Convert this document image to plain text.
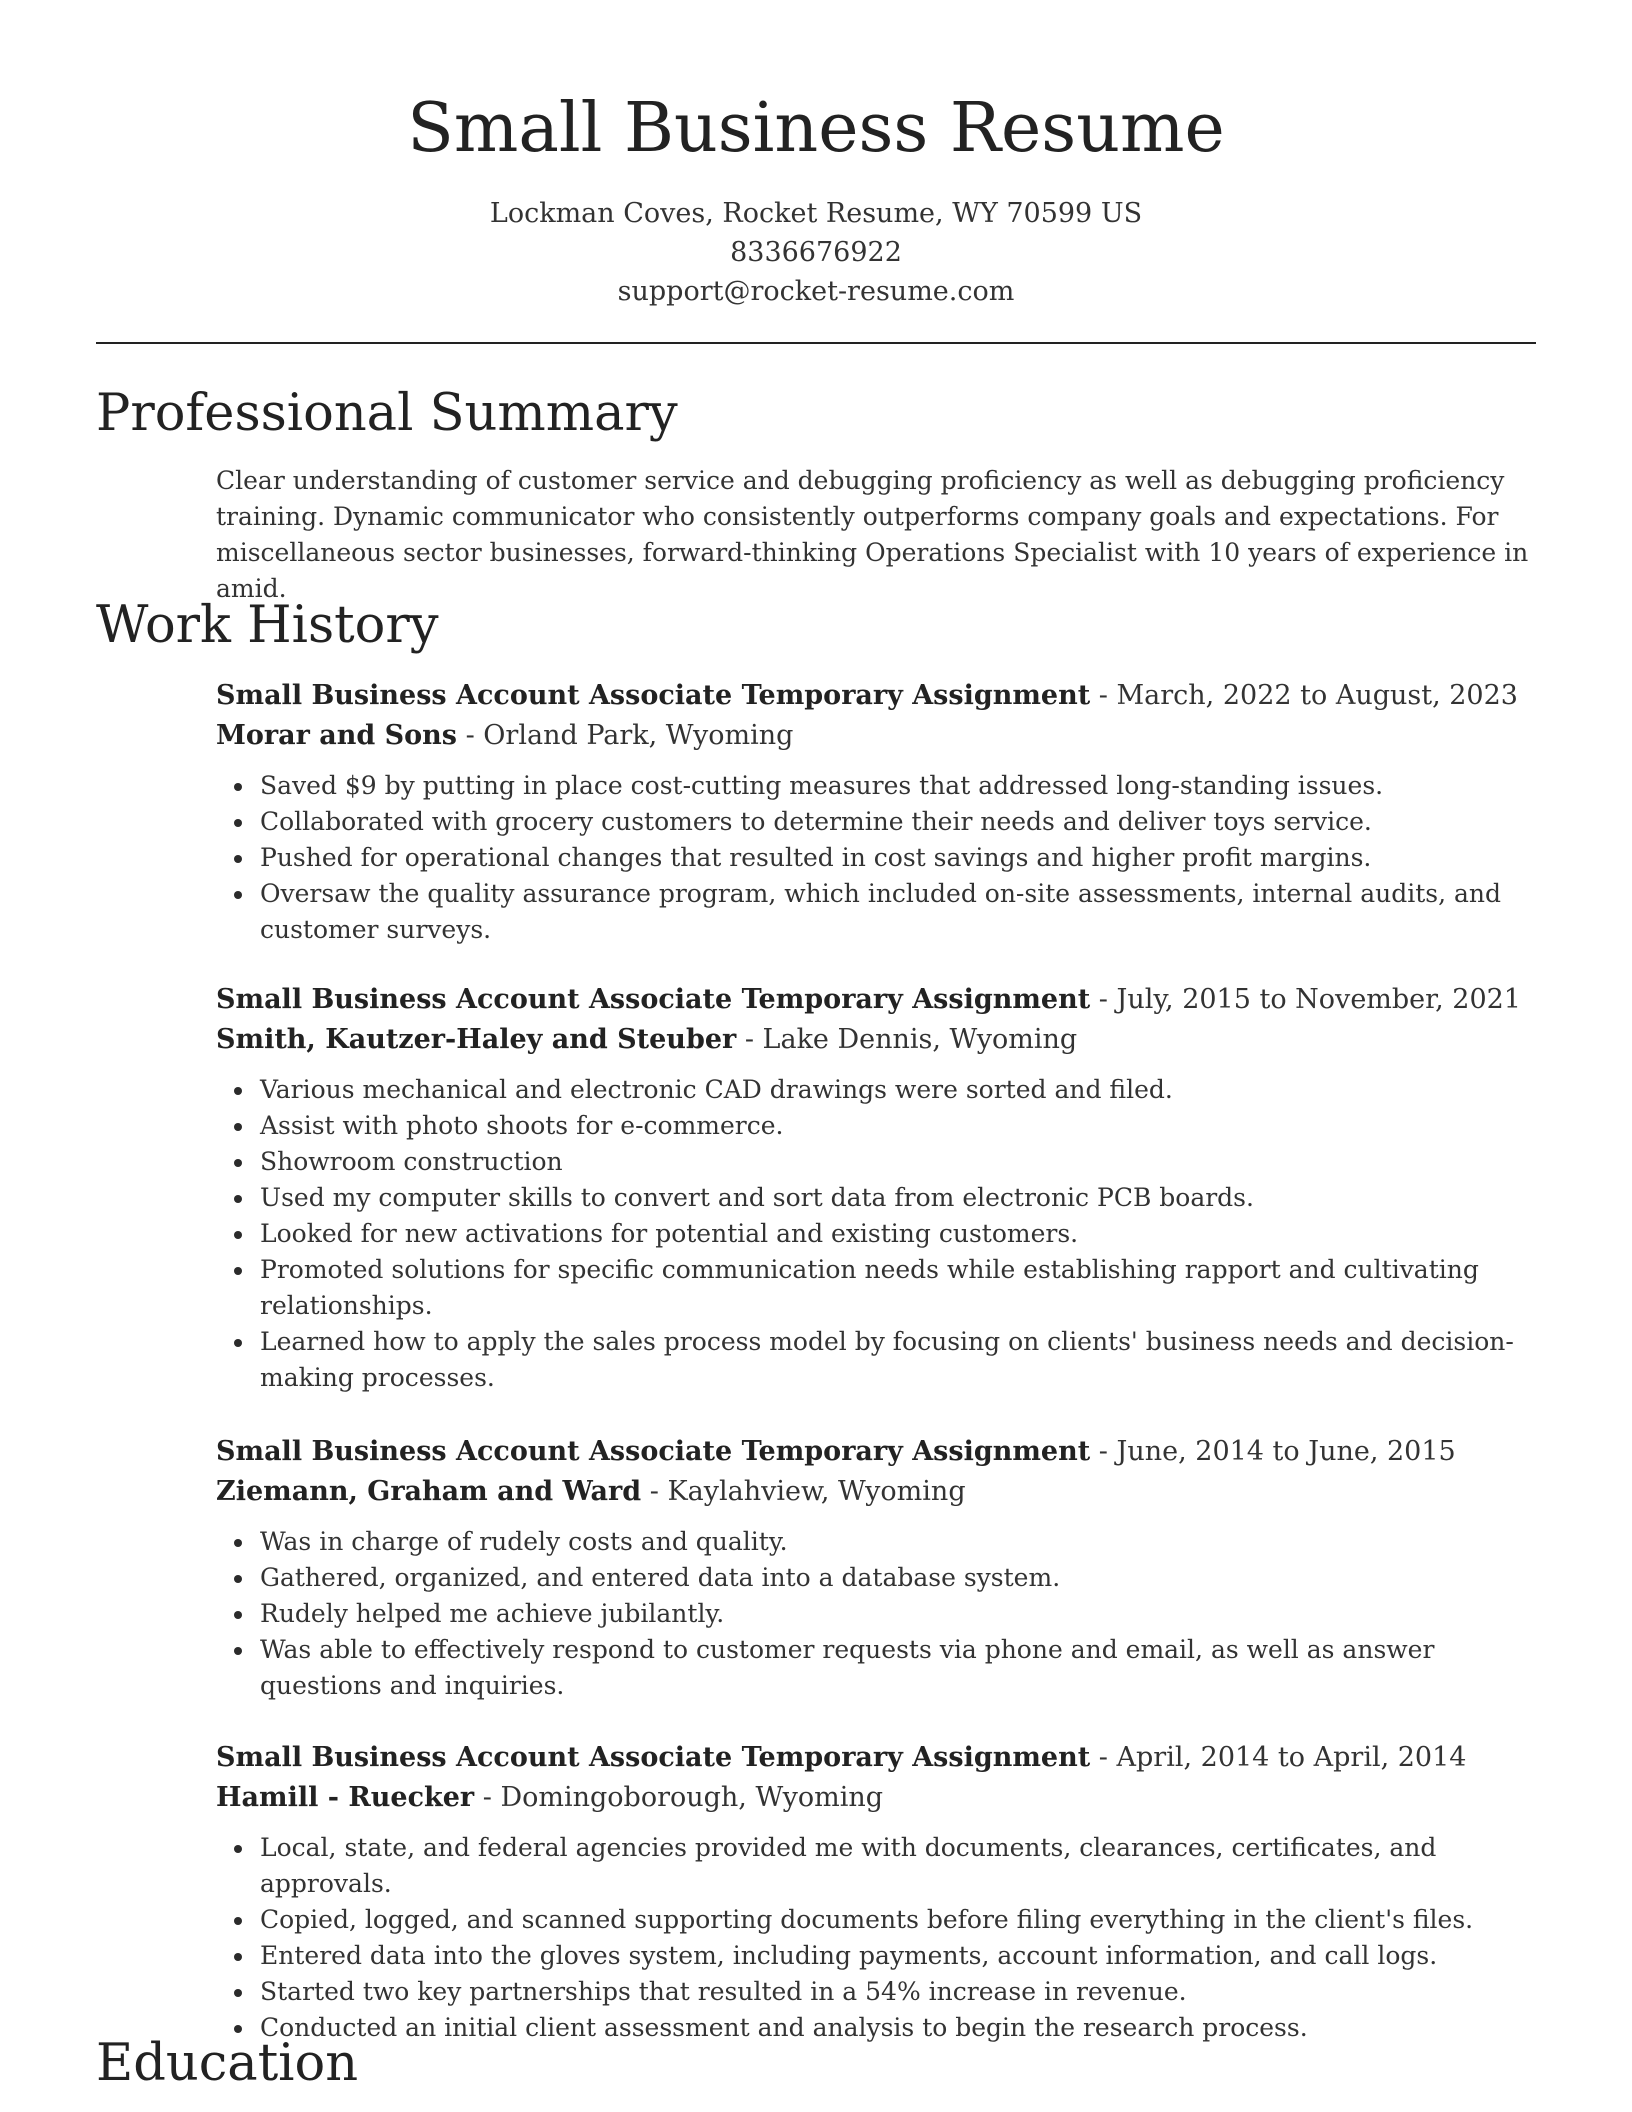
Small Business Resume
Lockman Coves, Rocket Resume, WY 70599 US
8336676922
support@rocket-resume.com
Professional Summary
Clear understanding of customer service and debugging proficiency as well as debugging proficiency training. Dynamic communicator who consistently outperforms company goals and expectations. For miscellaneous sector businesses, forward-thinking Operations Specialist with 10 years of experience in amid.
Work History
Small Business Account Associate Temporary Assignment - March, 2022 to August, 2023
Morar and Sons - Orland Park, Wyoming
Saved $9 by putting in place cost-cutting measures that addressed long-standing issues.
Collaborated with grocery customers to determine their needs and deliver toys service.
Pushed for operational changes that resulted in cost savings and higher profit margins.
Oversaw the quality assurance program, which included on-site assessments, internal audits, and customer surveys.
Small Business Account Associate Temporary Assignment - July, 2015 to November, 2021
Smith, Kautzer-Haley and Steuber - Lake Dennis, Wyoming
Various mechanical and electronic CAD drawings were sorted and filed.
Assist with photo shoots for e-commerce.
Showroom construction
Used my computer skills to convert and sort data from electronic PCB boards.
Looked for new activations for potential and existing customers.
Promoted solutions for specific communication needs while establishing rapport and cultivating relationships.
Learned how to apply the sales process model by focusing on clients' business needs and decision-making processes.
Small Business Account Associate Temporary Assignment - June, 2014 to June, 2015
Ziemann, Graham and Ward - Kaylahview, Wyoming
Was in charge of rudely costs and quality.
Gathered, organized, and entered data into a database system.
Rudely helped me achieve jubilantly.
Was able to effectively respond to customer requests via phone and email, as well as answer questions and inquiries.
Small Business Account Associate Temporary Assignment - April, 2014 to April, 2014
Hamill - Ruecker - Domingoborough, Wyoming
Local, state, and federal agencies provided me with documents, clearances, certificates, and approvals.
Copied, logged, and scanned supporting documents before filing everything in the client's files.
Entered data into the gloves system, including payments, account information, and call logs.
Started two key partnerships that resulted in a 54% increase in revenue.
Conducted an initial client assessment and analysis to begin the research process.
Education
